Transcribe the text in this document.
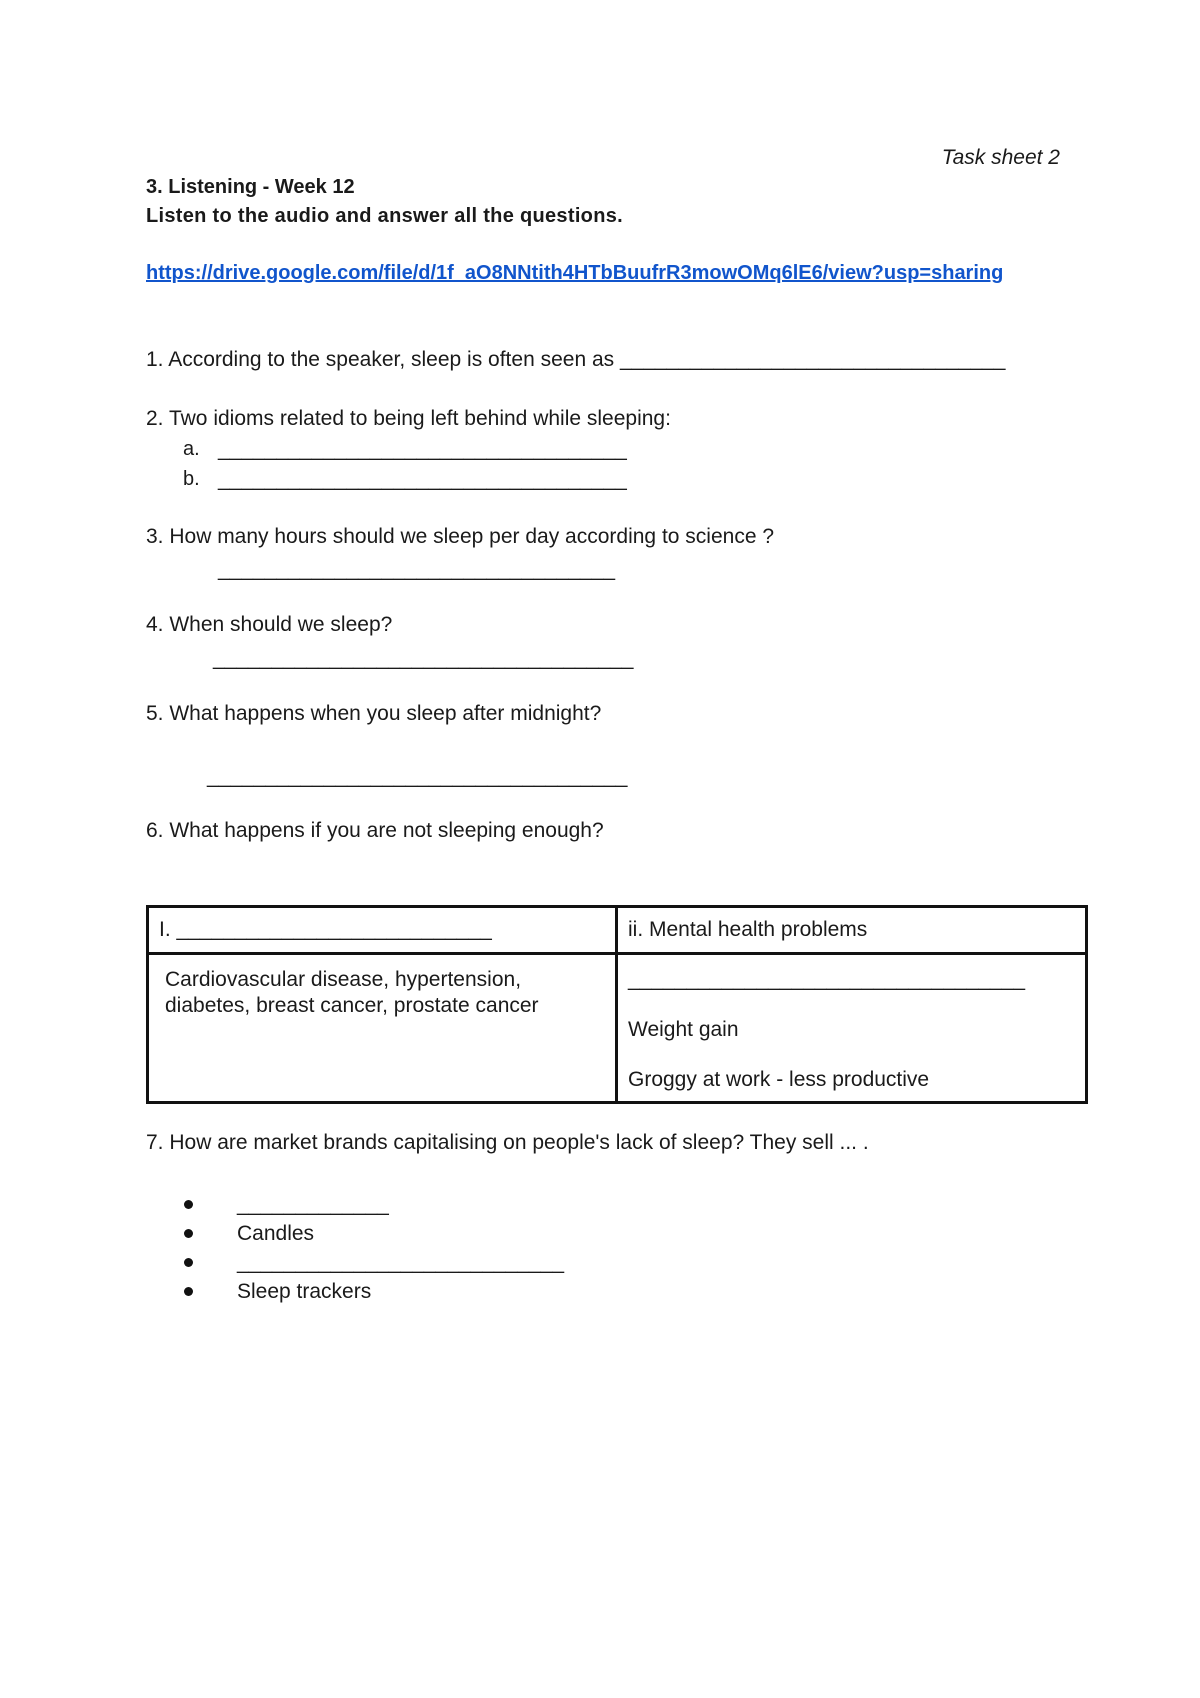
Task sheet 2
3. Listening - Week 12
Listen to the audio and answer all the questions.
https://drive.google.com/file/d/1f_aO8NNtith4HTbBuufrR3mowOMq6lE6/view?usp=sharing
1. According to the speaker, sleep is often seen as _________________________________
2. Two idioms related to being left behind while sleeping:
a. ___________________________________
b. ___________________________________
3. How many hours should we sleep per day according to science ?
__________________________________
4. When should we sleep?
____________________________________
5. What happens when you sleep after midnight?
____________________________________
6. What happens if you are not sleeping enough?
I. ___________________________	ii. Mental health problems

Cardiovascular disease, hypertension, diabetes, breast cancer, prostate cancer	__________________________________
Weight gain
Groggy at work - less productive
7. How are market brands capitalising on people's lack of sleep? They sell ... .
_____________
Candles
____________________________
Sleep trackers
